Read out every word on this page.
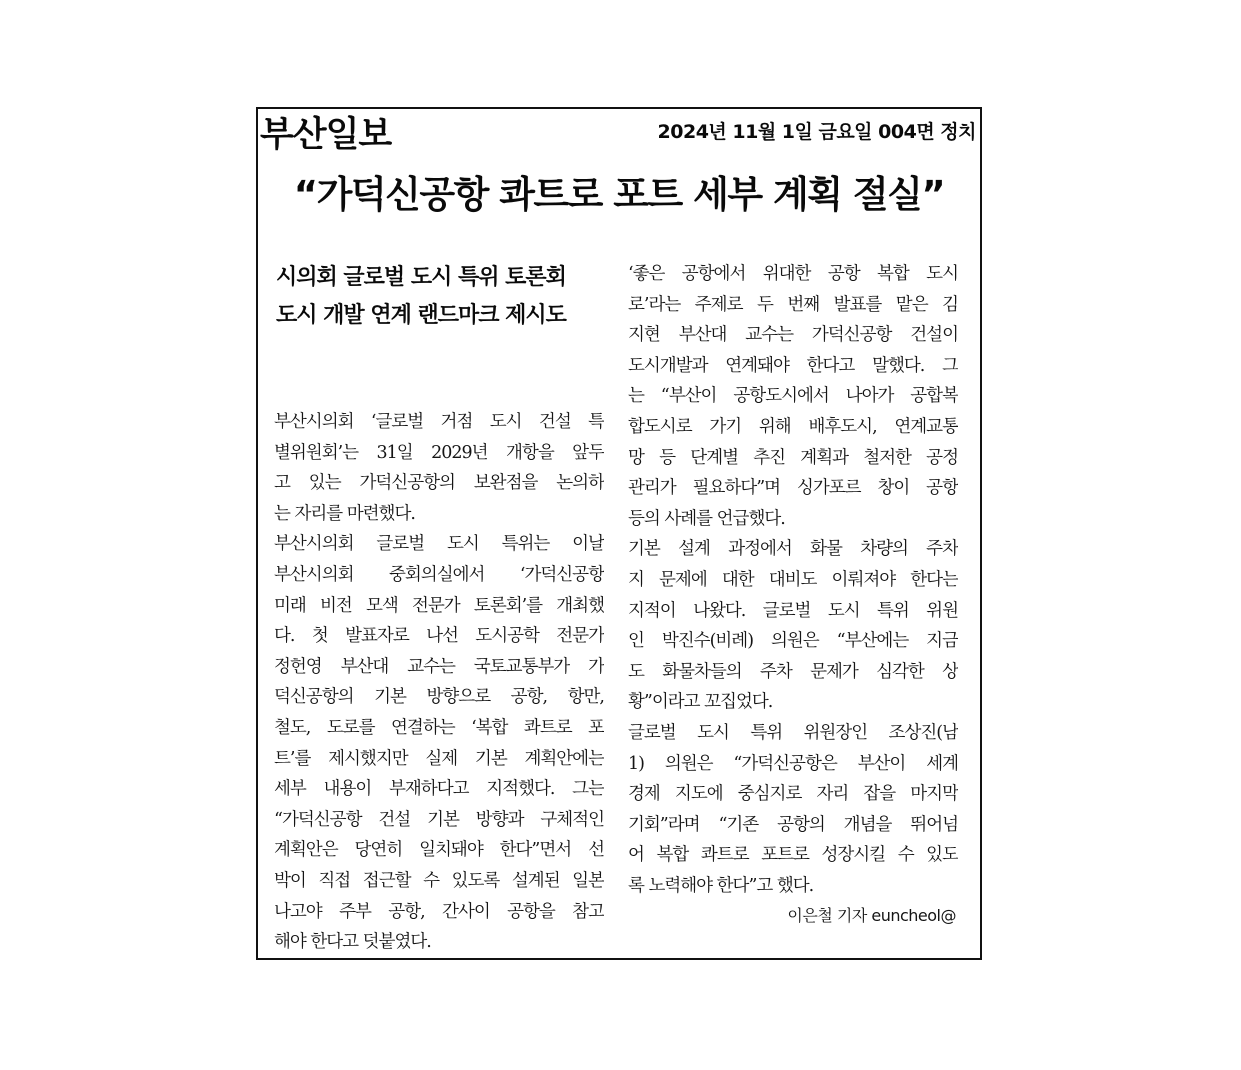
부산일보	2024년 11월 1일 금요일 004면 정치
“가덕신공항 콰트로 포트 세부 계획 절실”
시의회 글로벌 도시 특위 토론회
도시 개발 연계 랜드마크 제시도
부산시의회 ‘글로벌 거점 도시 건설 특
별위원회’는 31일 2029년 개항을 앞두
고 있는 가덕신공항의 보완점을 논의하
는 자리를 마련했다.
부산시의회 글로벌 도시 특위는 이날
부산시의회 중회의실에서 ‘가덕신공항
미래 비전 모색 전문가 토론회’를 개최했
다. 첫 발표자로 나선 도시공학 전문가
정헌영 부산대 교수는 국토교통부가 가
덕신공항의 기본 방향으로 공항, 항만,
철도, 도로를 연결하는 ‘복합 콰트로 포
트’를 제시했지만 실제 기본 계획안에는
세부 내용이 부재하다고 지적했다. 그는
“가덕신공항 건설 기본 방향과 구체적인
계획안은 당연히 일치돼야 한다”면서 선
박이 직접 접근할 수 있도록 설계된 일본
나고야 주부 공항, 간사이 공항을 참고
해야 한다고 덧붙였다.
‘좋은 공항에서 위대한 공항 복합 도시
로’라는 주제로 두 번째 발표를 맡은 김
지현 부산대 교수는 가덕신공항 건설이
도시개발과 연계돼야 한다고 말했다. 그
는 “부산이 공항도시에서 나아가 공합복
합도시로 가기 위해 배후도시, 연계교통
망 등 단계별 추진 계획과 철저한 공정
관리가 필요하다”며 싱가포르 창이 공항
등의 사례를 언급했다.
기본 설계 과정에서 화물 차량의 주차
지 문제에 대한 대비도 이뤄져야 한다는
지적이 나왔다. 글로벌 도시 특위 위원
인 박진수(비례) 의원은 “부산에는 지금
도 화물차들의 주차 문제가 심각한 상
황”이라고 꼬집었다.
글로벌 도시 특위 위원장인 조상진(남
1) 의원은 “가덕신공항은 부산이 세계
경제 지도에 중심지로 자리 잡을 마지막
기회”라며 “기존 공항의 개념을 뛰어넘
어 복합 콰트로 포트로 성장시킬 수 있도
록 노력해야 한다”고 했다.
이은철 기자 euncheol@
